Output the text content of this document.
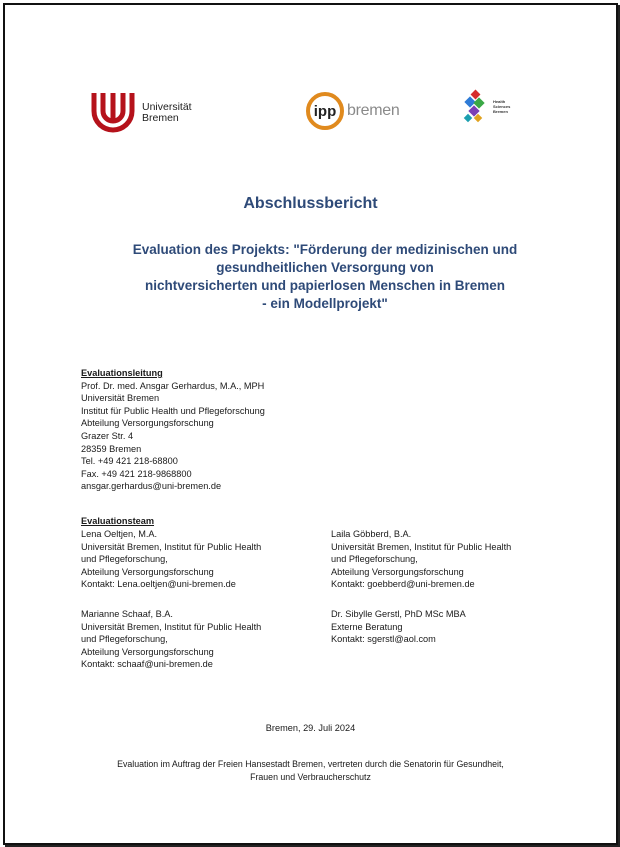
Universität
Bremen	ipp bremen
Health
Sciences
Bremen
Abschlussbericht
Evaluation des Projekts: "Förderung der medizinischen und
gesundheitlichen Versorgung von
nichtversicherten und papierlosen Menschen in Bremen
- ein Modellprojekt"
Evaluationsleitung
Prof. Dr. med. Ansgar Gerhardus, M.A., MPH
Universität Bremen
Institut für Public Health und Pflegeforschung
Abteilung Versorgungsforschung
Grazer Str. 4
28359 Bremen
Tel. +49 421 218-68800
Fax. +49 421 218-9868800
ansgar.gerhardus@uni-bremen.de
Evaluationsteam
Lena Oeltjen, M.A.
Universität Bremen, Institut für Public Health
und Pflegeforschung,
Abteilung Versorgungsforschung
Kontakt: Lena.oeltjen@uni-bremen.de
Marianne Schaaf, B.A.
Universität Bremen, Institut für Public Health
und Pflegeforschung,
Abteilung Versorgungsforschung
Kontakt: schaaf@uni-bremen.de
Laila Göbberd, B.A.
Universität Bremen, Institut für Public Health
und Pflegeforschung,
Abteilung Versorgungsforschung
Kontakt: goebberd@uni-bremen.de
Dr. Sibylle Gerstl, PhD MSc MBA
Externe Beratung
Kontakt: sgerstl@aol.com
Bremen, 29. Juli 2024
Evaluation im Auftrag der Freien Hansestadt Bremen, vertreten durch die Senatorin für Gesundheit,
Frauen und Verbraucherschutz
